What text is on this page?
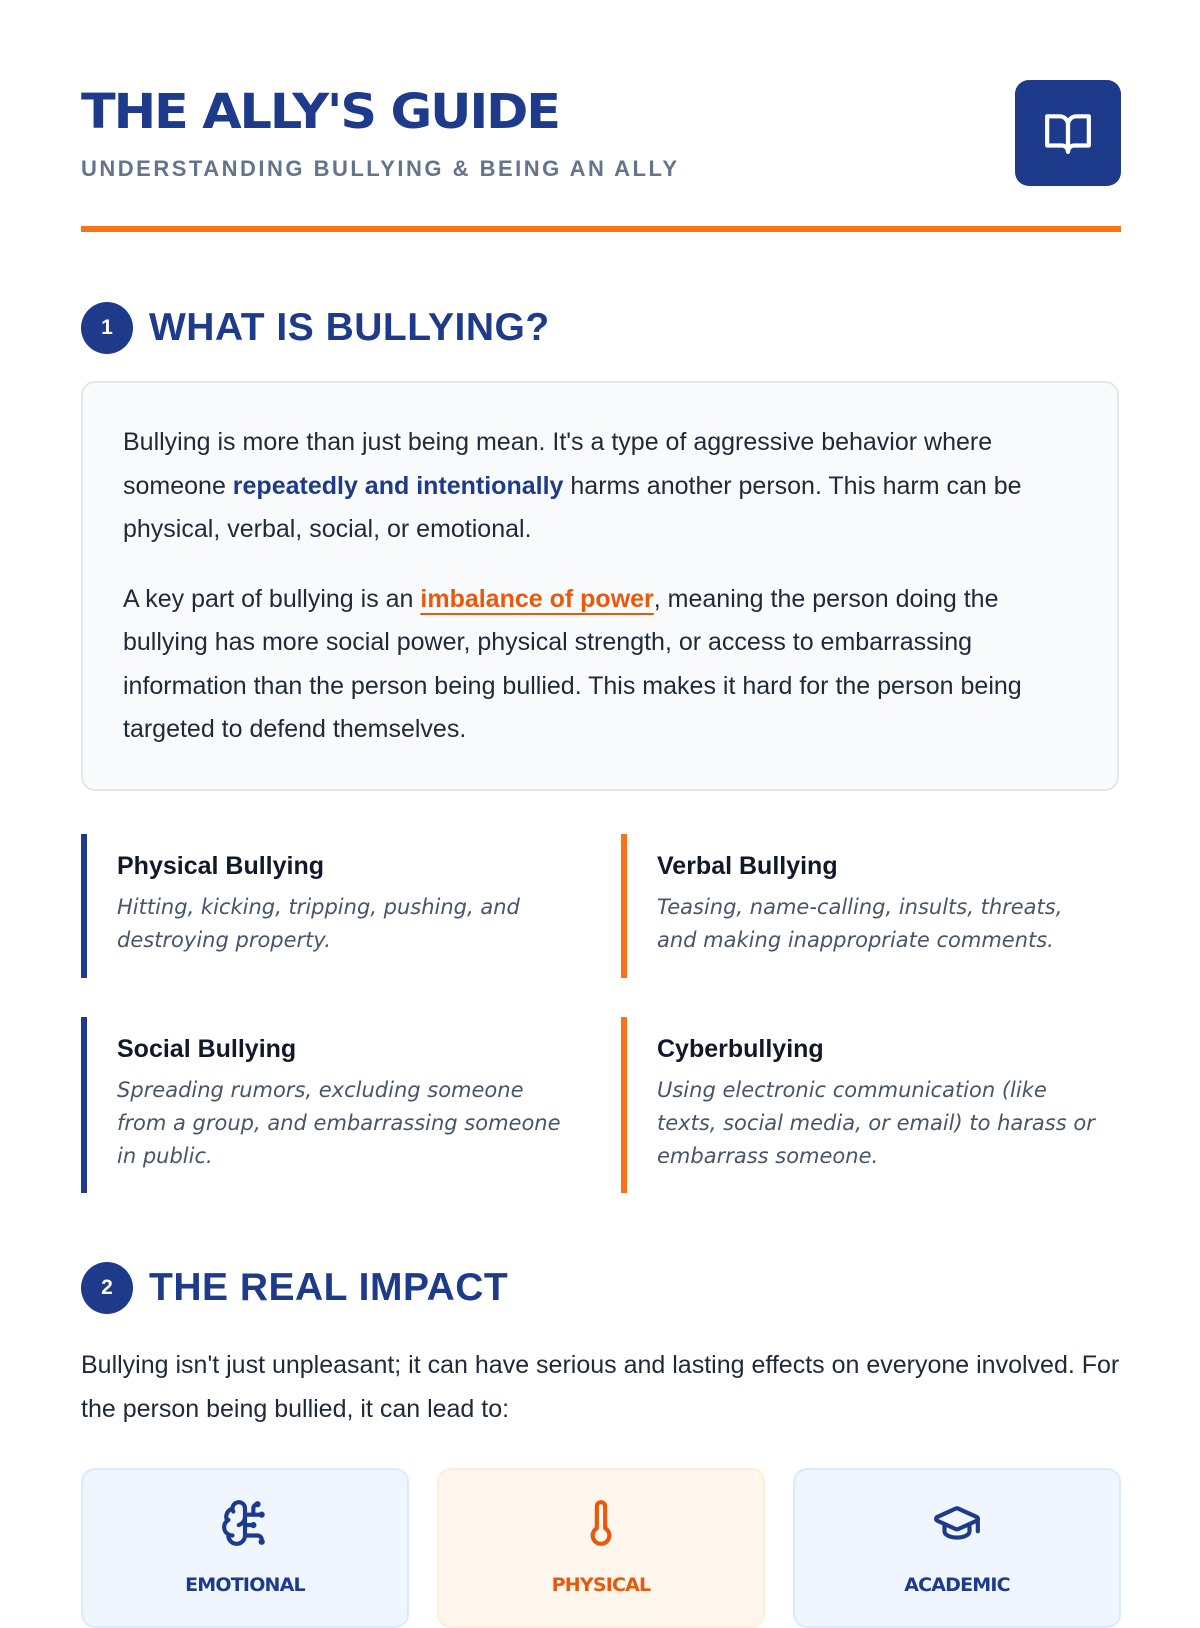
THE ALLY'S GUIDE
UNDERSTANDING BULLYING & BEING AN ALLY
1 WHAT IS BULLYING?

Bullying is more than just being mean. It's a type of aggressive behavior where someone repeatedly and intentionally harms another person. This harm can be physical, verbal, social, or emotional.

A key part of bullying is an imbalance of power, meaning the person doing the bullying has more social power, physical strength, or access to embarrassing information than the person being bullied. This makes it hard for the person being targeted to defend themselves.

Physical Bullying

Hitting, kicking, tripping, pushing, and destroying property.

Verbal Bullying

Teasing, name-calling, insults, threats, and making inappropriate comments.

Social Bullying

Spreading rumors, excluding someone from a group, and embarrassing someone in public.

Cyberbullying

Using electronic communication (like texts, social media, or email) to harass or embarrass someone.

2 THE REAL IMPACT

Bullying isn't just unpleasant; it can have serious and lasting effects on everyone involved. For the person being bullied, it can lead to:

EMOTIONAL	PHYSICAL	ACADEMIC
